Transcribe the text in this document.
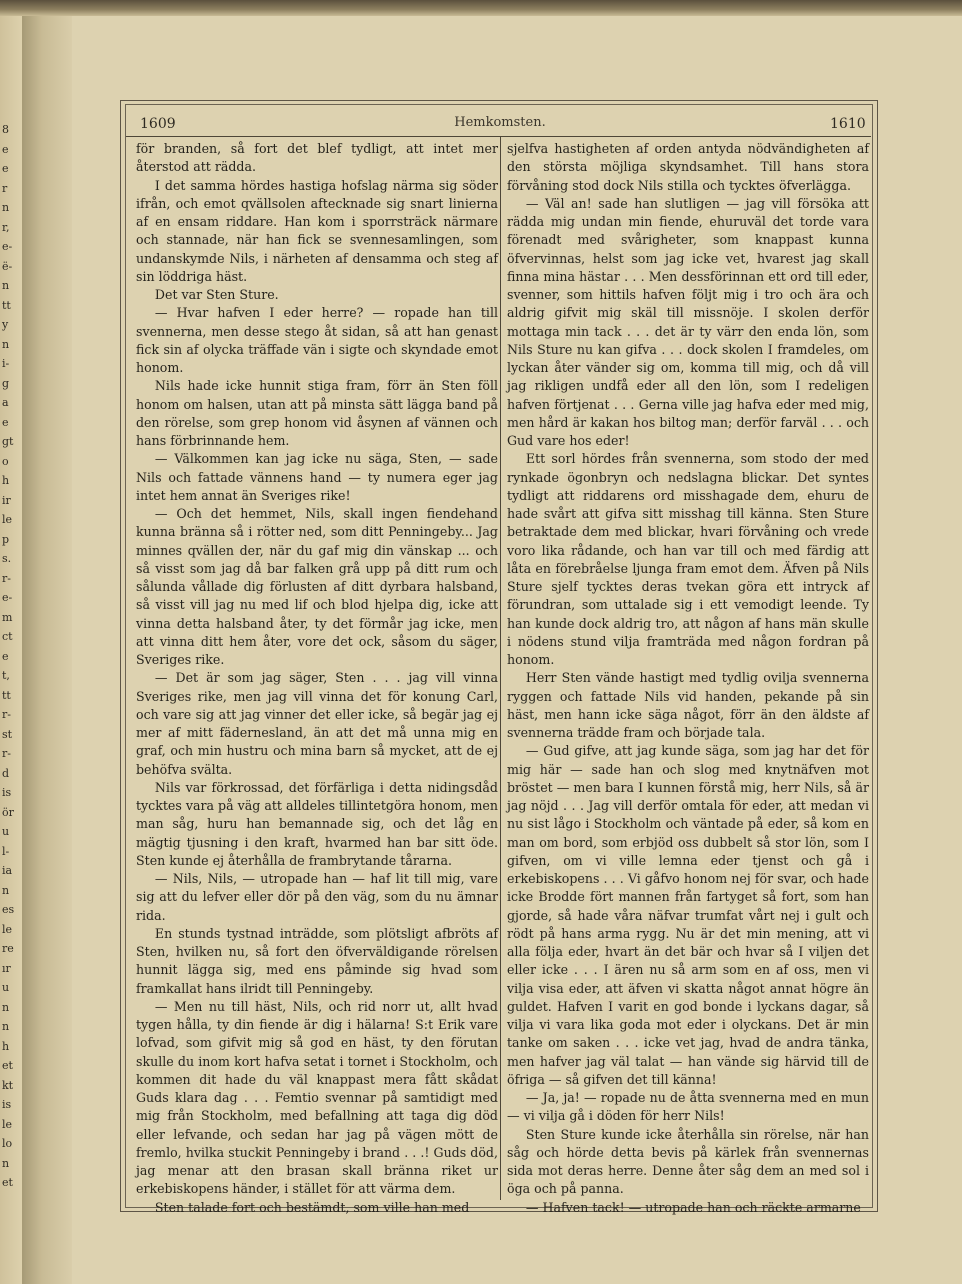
8
e
e
r
n
r,
e-
ë-
n
tt
y
n
i-
g
a
e
gt
o
h
ir
le
p
s.
r-
e-
m
ct
e
t,
tt
r-
st
r-
d
is
ör
u
l-
ia
n
es
le
re
ır
u
n
n
h
et
kt
is
le
lo
n
et
1609	Hemkomsten.	1610

för branden, så fort det blef tydligt, att intet mer återstod att rädda.

I det samma hördes hastiga hofslag närma sig söder ifrån, och emot qvällsolen aftecknade sig snart linierna af en ensam riddare. Han kom i sporrsträck närmare och stannade, när han fick se svennesamlingen, som undanskymde Nils, i närheten af densamma och steg af sin löddriga häst.

Det var Sten Sture.

— Hvar hafven I eder herre? — ropade han till svennerna, men desse stego åt sidan, så att han genast fick sin af olycka träffade vän i sigte och skyndade emot honom.

Nils hade icke hunnit stiga fram, förr än Sten föll honom om halsen, utan att på minsta sätt lägga band på den rörelse, som grep honom vid åsynen af vännen och hans förbrinnande hem.

— Välkommen kan jag icke nu säga, Sten, — sade Nils och fattade vännens hand — ty numera eger jag intet hem annat än Sveriges rike!

— Och det hemmet, Nils, skall ingen fiendehand kunna bränna så i rötter ned, som ditt Penningeby... Jag minnes qvällen der, när du gaf mig din vänskap ... och så visst som jag då bar falken grå upp på ditt rum och sålunda vållade dig förlusten af ditt dyrbara halsband, så visst vill jag nu med lif och blod hjelpa dig, icke att vinna detta halsband åter, ty det förmår jag icke, men att vinna ditt hem åter, vore det ock, såsom du säger, Sveriges rike.

— Det är som jag säger, Sten . . . jag vill vinna Sveriges rike, men jag vill vinna det för konung Carl, och vare sig att jag vinner det eller icke, så begär jag ej mer af mitt fädernesland, än att det må unna mig en graf, och min hustru och mina barn så mycket, att de ej behöfva svälta.

Nils var förkrossad, det förfärliga i detta nidingsdåd tycktes vara på väg att alldeles tillintetgöra honom, men man såg, huru han bemannade sig, och det låg en mägtig tjusning i den kraft, hvarmed han bar sitt öde. Sten kunde ej återhålla de frambrytande tårarna.

— Nils, Nils, — utropade han — haf lit till mig, vare sig att du lefver eller dör på den väg, som du nu ämnar rida.

En stunds tystnad inträdde, som plötsligt afbröts af Sten, hvilken nu, så fort den öfverväldigande rörelsen hunnit lägga sig, med ens påminde sig hvad som framkallat hans ilridt till Penningeby.

— Men nu till häst, Nils, och rid norr ut, allt hvad tygen hålla, ty din fiende är dig i hälarna! S:t Erik vare lofvad, som gifvit mig så god en häst, ty den förutan skulle du inom kort hafva setat i tornet i Stockholm, och kommen dit hade du väl knappast mera fått skådat Guds klara dag . . . Femtio svennar på samtidigt med mig från Stockholm, med befallning att taga dig död eller lefvande, och sedan har jag på vägen mött de fremlo, hvilka stuckit Penningeby i brand . . .! Guds död, jag menar att den brasan skall bränna riket ur erkebiskopens händer, i stället för att värma dem.

Sten talade fort och bestämdt, som ville han med

sjelfva hastigheten af orden antyda nödvändigheten af den största möjliga skyndsamhet. Till hans stora förvåning stod dock Nils stilla och tycktes öfverlägga.

— Väl an! sade han slutligen — jag vill försöka att rädda mig undan min fiende, ehuruväl det torde vara förenadt med svårigheter, som knappast kunna öfvervinnas, helst som jag icke vet, hvarest jag skall finna mina hästar . . . Men dessförinnan ett ord till eder, svenner, som hittils hafven följt mig i tro och ära och aldrig gifvit mig skäl till missnöje. I skolen derför mottaga min tack . . . det är ty värr den enda lön, som Nils Sture nu kan gifva . . . dock skolen I framdeles, om lyckan åter vänder sig om, komma till mig, och då vill jag rikligen undfå eder all den lön, som I redeligen hafven förtjenat . . . Gerna ville jag hafva eder med mig, men hård är kakan hos biltog man; derför farväl . . . och Gud vare hos eder!

Ett sorl hördes från svennerna, som stodo der med rynkade ögonbryn och nedslagna blickar. Det syntes tydligt att riddarens ord misshagade dem, ehuru de hade svårt att gifva sitt misshag till känna. Sten Sture betraktade dem med blickar, hvari förvåning och vrede voro lika rådande, och han var till och med färdig att låta en förebråelse ljunga fram emot dem. Äfven på Nils Sture sjelf tycktes deras tvekan göra ett intryck af förundran, som uttalade sig i ett vemodigt leende. Ty han kunde dock aldrig tro, att någon af hans män skulle i nödens stund vilja framträda med någon fordran på honom.

Herr Sten vände hastigt med tydlig ovilja svennerna ryggen och fattade Nils vid handen, pekande på sin häst, men hann icke säga något, förr än den äldste af svennerna trädde fram och började tala.

— Gud gifve, att jag kunde säga, som jag har det för mig här — sade han och slog med knytnäfven mot bröstet — men bara I kunnen förstå mig, herr Nils, så är jag nöjd . . . Jag vill derför omtala för eder, att medan vi nu sist lågo i Stockholm och väntade på eder, så kom en man om bord, som erbjöd oss dubbelt så stor lön, som I gifven, om vi ville lemna eder tjenst och gå i erkebiskopens . . . Vi gåfvo honom nej för svar, och hade icke Brodde fört mannen från fartyget så fort, som han gjorde, så hade våra näfvar trumfat vårt nej i gult och rödt på hans arma rygg. Nu är det min mening, att vi alla följa eder, hvart än det bär och hvar så I viljen det eller icke . . . I ären nu så arm som en af oss, men vi vilja visa eder, att äfven vi skatta något annat högre än guldet. Hafven I varit en god bonde i lyckans dagar, så vilja vi vara lika goda mot eder i olyckans. Det är min tanke om saken . . . icke vet jag, hvad de andra tänka, men hafver jag väl talat — han vände sig härvid till de öfriga — så gifven det till känna!

— Ja, ja! — ropade nu de åtta svennerna med en mun — vi vilja gå i döden för herr Nils!

Sten Sture kunde icke återhålla sin rörelse, när han såg och hörde detta bevis på kärlek från svennernas sida mot deras herre. Denne åter såg dem an med sol i öga och på panna.

— Hafven tack! — utropade han och räckte armarne
